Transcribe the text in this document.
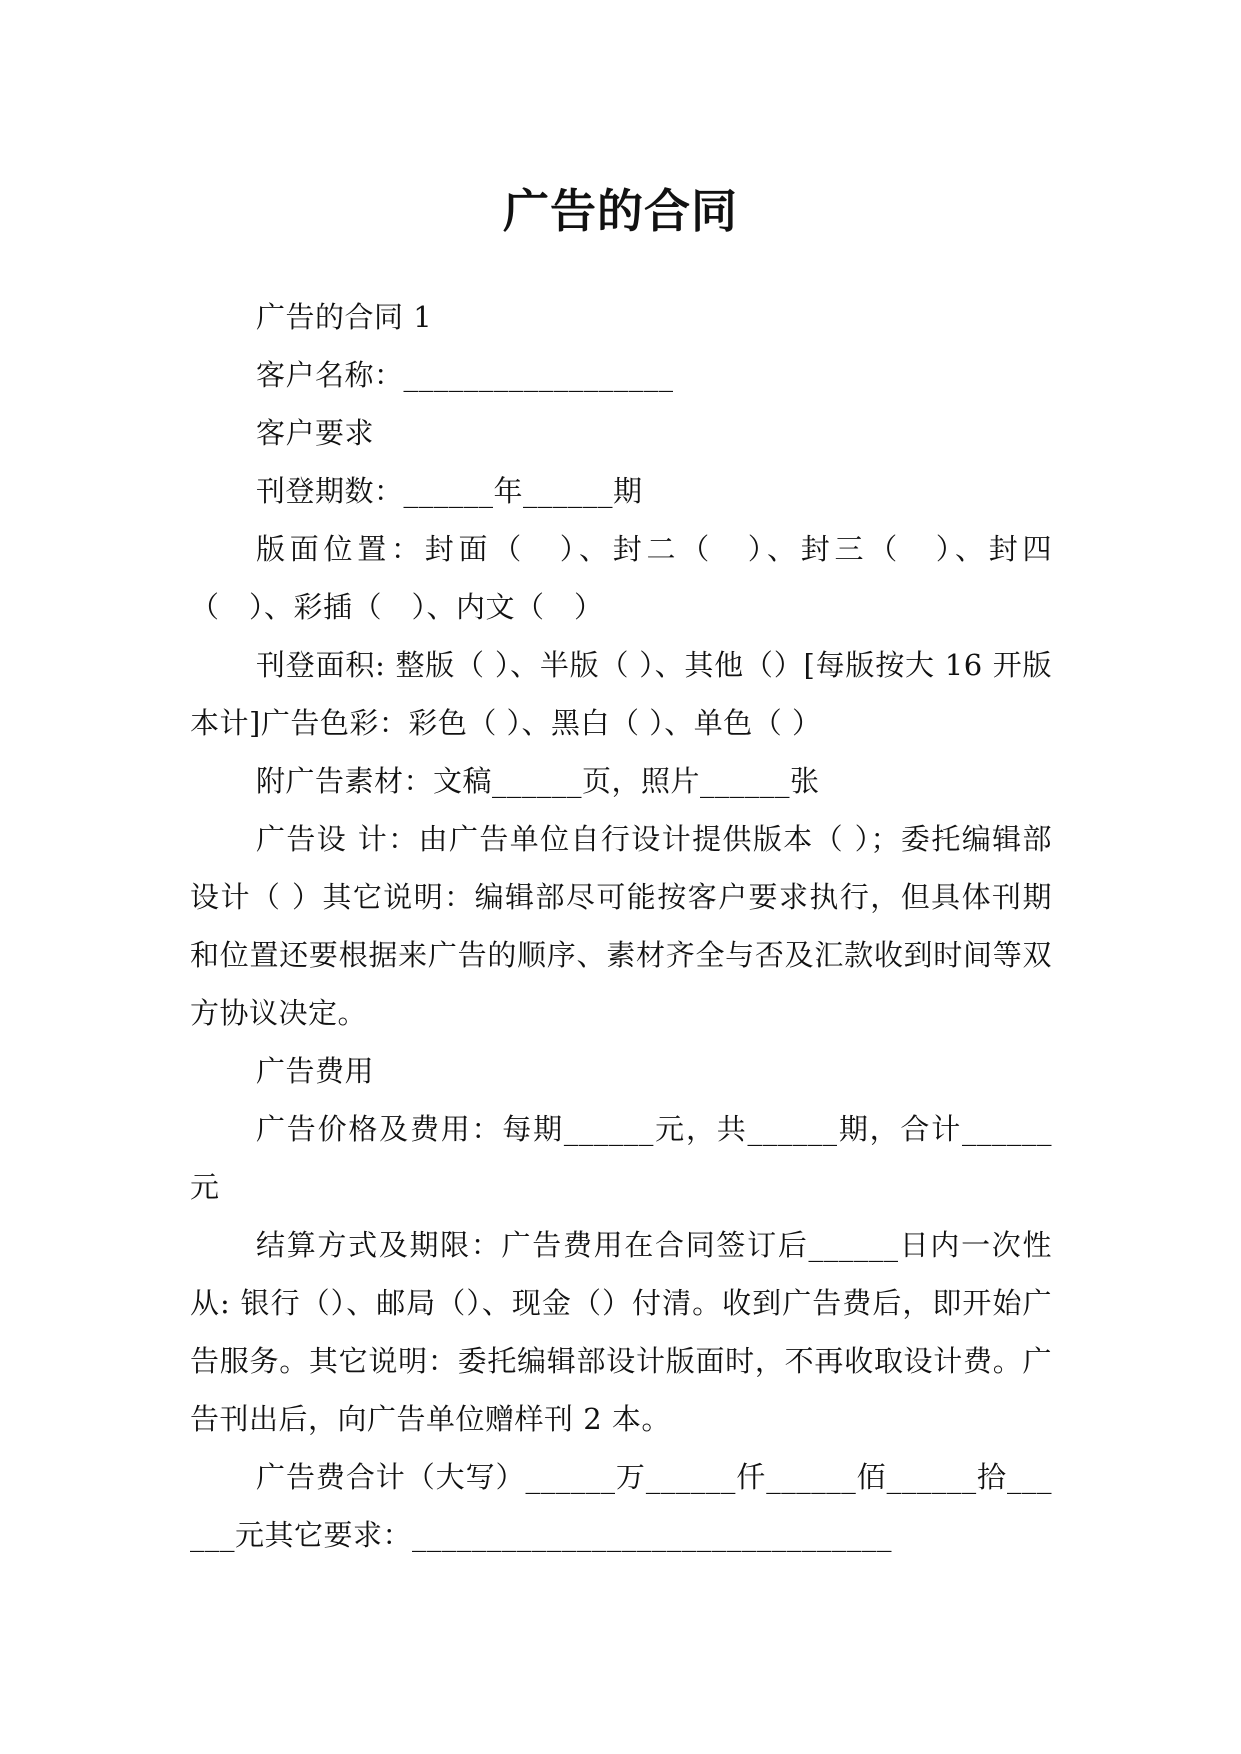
广告的合同

广告的合同 1

客户名称：__________________

客户要求

刊登期数：______年______期

版面位置：封面（　）、封二（　）、封三（　）、封四（　）、彩插（　）、内文（　）

刊登面积: 整版（ ）、半版（ ）、其他（）[每版按大 16 开版本计]广告色彩：彩色（ ）、黑白（ ）、单色（ ）

附广告素材：文稿______页，照片______张

广告设 计：由广告单位自行设计提供版本（ ）；委托编辑部设计（ ）其它说明：编辑部尽可能按客户要求执行，但具体刊期和位置还要根据来广告的顺序、素材齐全与否及汇款收到时间等双方协议决定。

广告费用

广告价格及费用：每期______元，共______期，合计______元

结算方式及期限：广告费用在合同签订后______日内一次性从: 银行（）、邮局（）、现金（）付清。收到广告费后，即开始广告服务。其它说明：委托编辑部设计版面时，不再收取设计费。广告刊出后，向广告单位赠样刊 2 本。

广告费合计（大写）______万______仟______佰______拾______元其它要求：________________________________
